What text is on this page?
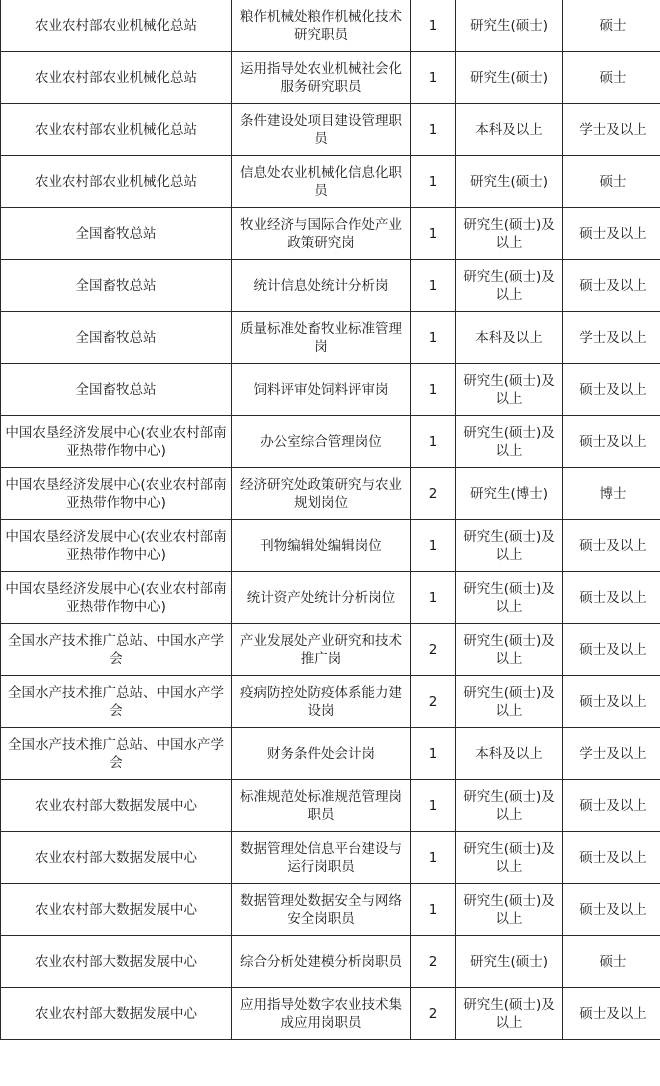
农业农村部农业机械化总站	粮作机械处粮作机械化技术研究职员	1	研究生(硕士)	硕士
农业农村部农业机械化总站	运用指导处农业机械社会化服务研究职员	1	研究生(硕士)	硕士
农业农村部农业机械化总站	条件建设处项目建设管理职员	1	本科及以上	学士及以上
农业农村部农业机械化总站	信息处农业机械化信息化职员	1	研究生(硕士)	硕士
全国畜牧总站	牧业经济与国际合作处产业政策研究岗	1	研究生(硕士)及以上	硕士及以上
全国畜牧总站	统计信息处统计分析岗	1	研究生(硕士)及以上	硕士及以上
全国畜牧总站	质量标准处畜牧业标准管理岗	1	本科及以上	学士及以上
全国畜牧总站	饲料评审处饲料评审岗	1	研究生(硕士)及以上	硕士及以上
中国农垦经济发展中心(农业农村部南亚热带作物中心)	办公室综合管理岗位	1	研究生(硕士)及以上	硕士及以上
中国农垦经济发展中心(农业农村部南亚热带作物中心)	经济研究处政策研究与农业规划岗位	2	研究生(博士)	博士
中国农垦经济发展中心(农业农村部南亚热带作物中心)	刊物编辑处编辑岗位	1	研究生(硕士)及以上	硕士及以上
中国农垦经济发展中心(农业农村部南亚热带作物中心)	统计资产处统计分析岗位	1	研究生(硕士)及以上	硕士及以上
全国水产技术推广总站、中国水产学会	产业发展处产业研究和技术推广岗	2	研究生(硕士)及以上	硕士及以上
全国水产技术推广总站、中国水产学会	疫病防控处防疫体系能力建设岗	2	研究生(硕士)及以上	硕士及以上
全国水产技术推广总站、中国水产学会	财务条件处会计岗	1	本科及以上	学士及以上
农业农村部大数据发展中心	标准规范处标准规范管理岗职员	1	研究生(硕士)及以上	硕士及以上
农业农村部大数据发展中心	数据管理处信息平台建设与运行岗职员	1	研究生(硕士)及以上	硕士及以上
农业农村部大数据发展中心	数据管理处数据安全与网络安全岗职员	1	研究生(硕士)及以上	硕士及以上
农业农村部大数据发展中心	综合分析处建模分析岗职员	2	研究生(硕士)	硕士
农业农村部大数据发展中心	应用指导处数字农业技术集成应用岗职员	2	研究生(硕士)及以上	硕士及以上
